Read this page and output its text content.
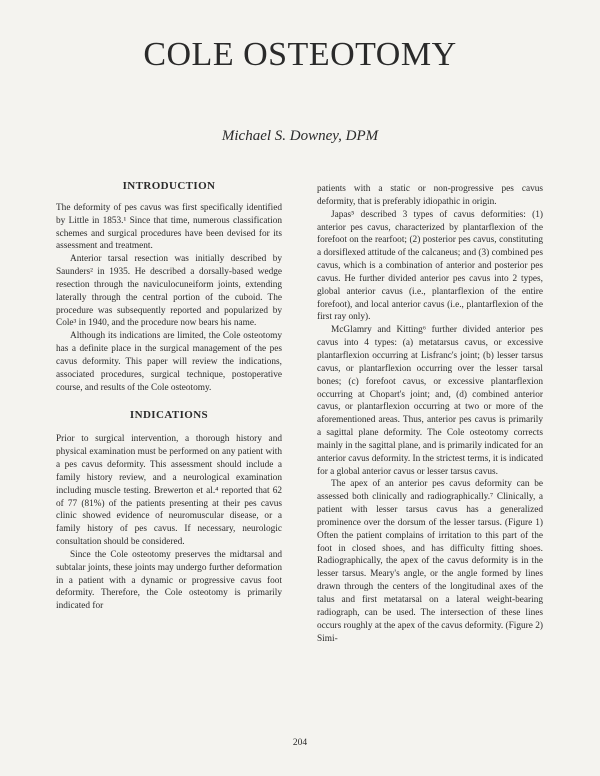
COLE OSTEOTOMY
Michael S. Downey, DPM
INTRODUCTION

The deformity of pes cavus was first specifically identified by Little in 1853.¹ Since that time, numerous classification schemes and surgical procedures have been devised for its assessment and treatment.

Anterior tarsal resection was initially described by Saunders² in 1935. He described a dorsally-based wedge resection through the naviculocuneiform joints, extending laterally through the central portion of the cuboid. The procedure was subsequently reported and popularized by Cole³ in 1940, and the procedure now bears his name.

Although its indications are limited, the Cole osteotomy has a definite place in the surgical management of the pes cavus deformity. This paper will review the indications, associated procedures, surgical technique, postoperative course, and results of the Cole osteotomy.

INDICATIONS

Prior to surgical intervention, a thorough history and physical examination must be performed on any patient with a pes cavus deformity. This assessment should include a family history review, and a neurological examination including muscle testing. Brewerton et al.⁴ reported that 62 of 77 (81%) of the patients presenting at their pes cavus clinic showed evidence of neuromuscular disease, or a family history of pes cavus. If necessary, neurologic consultation should be considered.

Since the Cole osteotomy preserves the midtarsal and subtalar joints, these joints may undergo further deformation in a patient with a dynamic or progressive cavus foot deformity. Therefore, the Cole osteotomy is primarily indicated for

patients with a static or non-progressive pes cavus deformity, that is preferably idiopathic in origin.

Japas⁵ described 3 types of cavus deformities: (1) anterior pes cavus, characterized by plantarflexion of the forefoot on the rearfoot; (2) posterior pes cavus, constituting a dorsiflexed attitude of the calcaneus; and (3) combined pes cavus, which is a combination of anterior and posterior pes cavus. He further divided anterior pes cavus into 2 types, global anterior cavus (i.e., plantarflexion of the entire forefoot), and local anterior cavus (i.e., plantarflexion of the first ray only).

McGlamry and Kitting⁶ further divided anterior pes cavus into 4 types: (a) metatarsus cavus, or excessive plantarflexion occurring at Lisfranc's joint; (b) lesser tarsus cavus, or plantarflexion occurring over the lesser tarsal bones; (c) forefoot cavus, or excessive plantarflexion occurring at Chopart's joint; and, (d) combined anterior cavus, or plantarflexion occurring at two or more of the aforementioned areas. Thus, anterior pes cavus is primarily a sagittal plane deformity. The Cole osteotomy corrects mainly in the sagittal plane, and is primarily indicated for an anterior cavus deformity. In the strictest terms, it is indicated for a global anterior cavus or lesser tarsus cavus.

The apex of an anterior pes cavus deformity can be assessed both clinically and radiographically.⁷ Clinically, a patient with lesser tarsus cavus has a generalized prominence over the dorsum of the lesser tarsus. (Figure 1) Often the patient complains of irritation to this part of the foot in closed shoes, and has difficulty fitting shoes. Radiographically, the apex of the cavus deformity is in the lesser tarsus. Meary's angle, or the angle formed by lines drawn through the centers of the longitudinal axes of the talus and first metatarsal on a lateral weight-bearing radiograph, can be used. The intersection of these lines occurs roughly at the apex of the cavus deformity. (Figure 2) Simi-

204
